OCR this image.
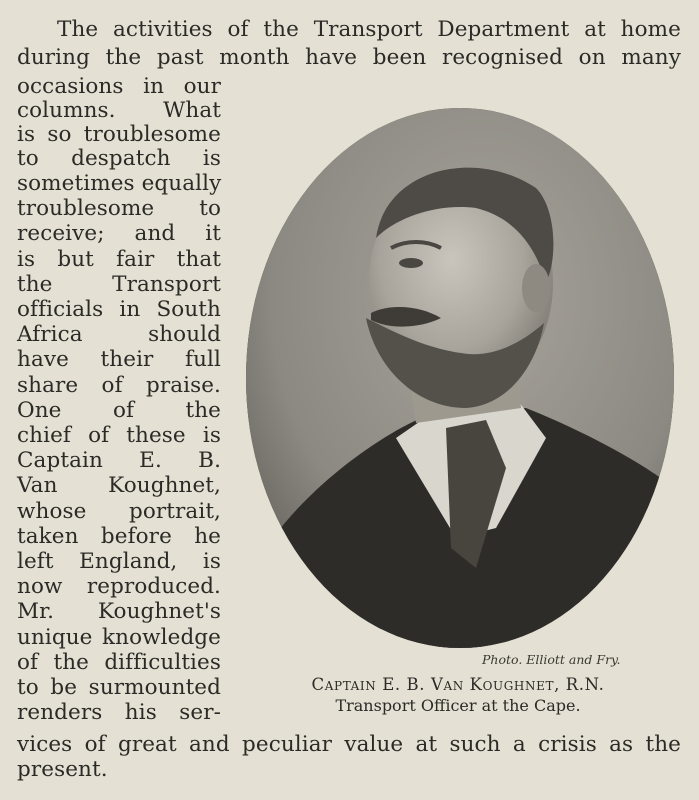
The activities of the Transport Department at home
during the past month have been recognised on many
occasions in our
columns. What
is so troublesome
to despatch is
sometimes equally
troublesome to
receive; and it
is but fair that
the Transport
officials in South
Africa should
have their full
share of praise.
One of the
chief of these is
Captain E. B.
Van Koughnet,
whose portrait,
taken before he
left England, is
now reproduced.
Mr. Koughnet's
unique knowledge
of the difficulties
to be surmounted
renders his ser-
vices of great and peculiar value at such a crisis as the
present.
Photo. Elliott and Fry.
Captain E. B. Van Koughnet, R.N.
Transport Officer at the Cape.
